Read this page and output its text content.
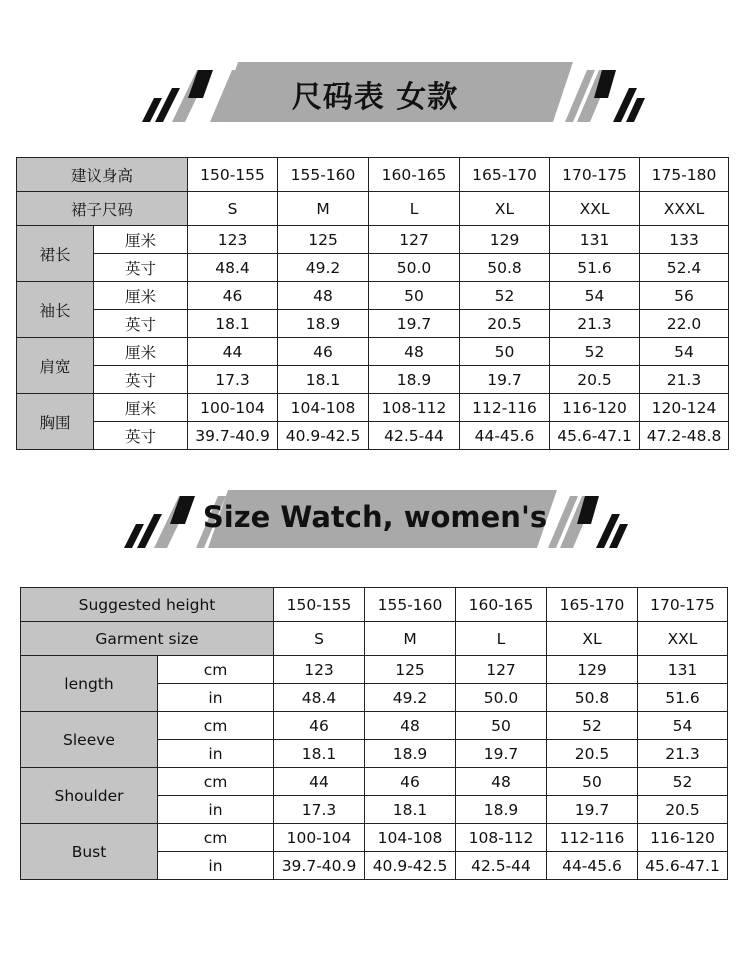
尺码表 女款
建议身高		150-155	155-160	160-165	165-170	170-175	175-180
裙子尺码		S	M	L	XL	XXL	XXXL
裙长	厘米	123	125	127	129	131	133
	英寸	48.4	49.2	50.0	50.8	51.6	52.4
袖长	厘米	46	48	50	52	54	56
	英寸	18.1	18.9	19.7	20.5	21.3	22.0
肩宽	厘米	44	46	48	50	52	54
	英寸	17.3	18.1	18.9	19.7	20.5	21.3
胸围	厘米	100-104	104-108	108-112	112-116	116-120	120-124
	英寸	39.7-40.9	40.9-42.5	42.5-44	44-45.6	45.6-47.1	47.2-48.8
Size Watch, women's
Suggested height		150-155	155-160	160-165	165-170	170-175
Garment size		S	M	L	XL	XXL
length	cm	123	125	127	129	131
	in	48.4	49.2	50.0	50.8	51.6
Sleeve	cm	46	48	50	52	54
	in	18.1	18.9	19.7	20.5	21.3
Shoulder	cm	44	46	48	50	52
	in	17.3	18.1	18.9	19.7	20.5
Bust	cm	100-104	104-108	108-112	112-116	116-120
	in	39.7-40.9	40.9-42.5	42.5-44	44-45.6	45.6-47.1
